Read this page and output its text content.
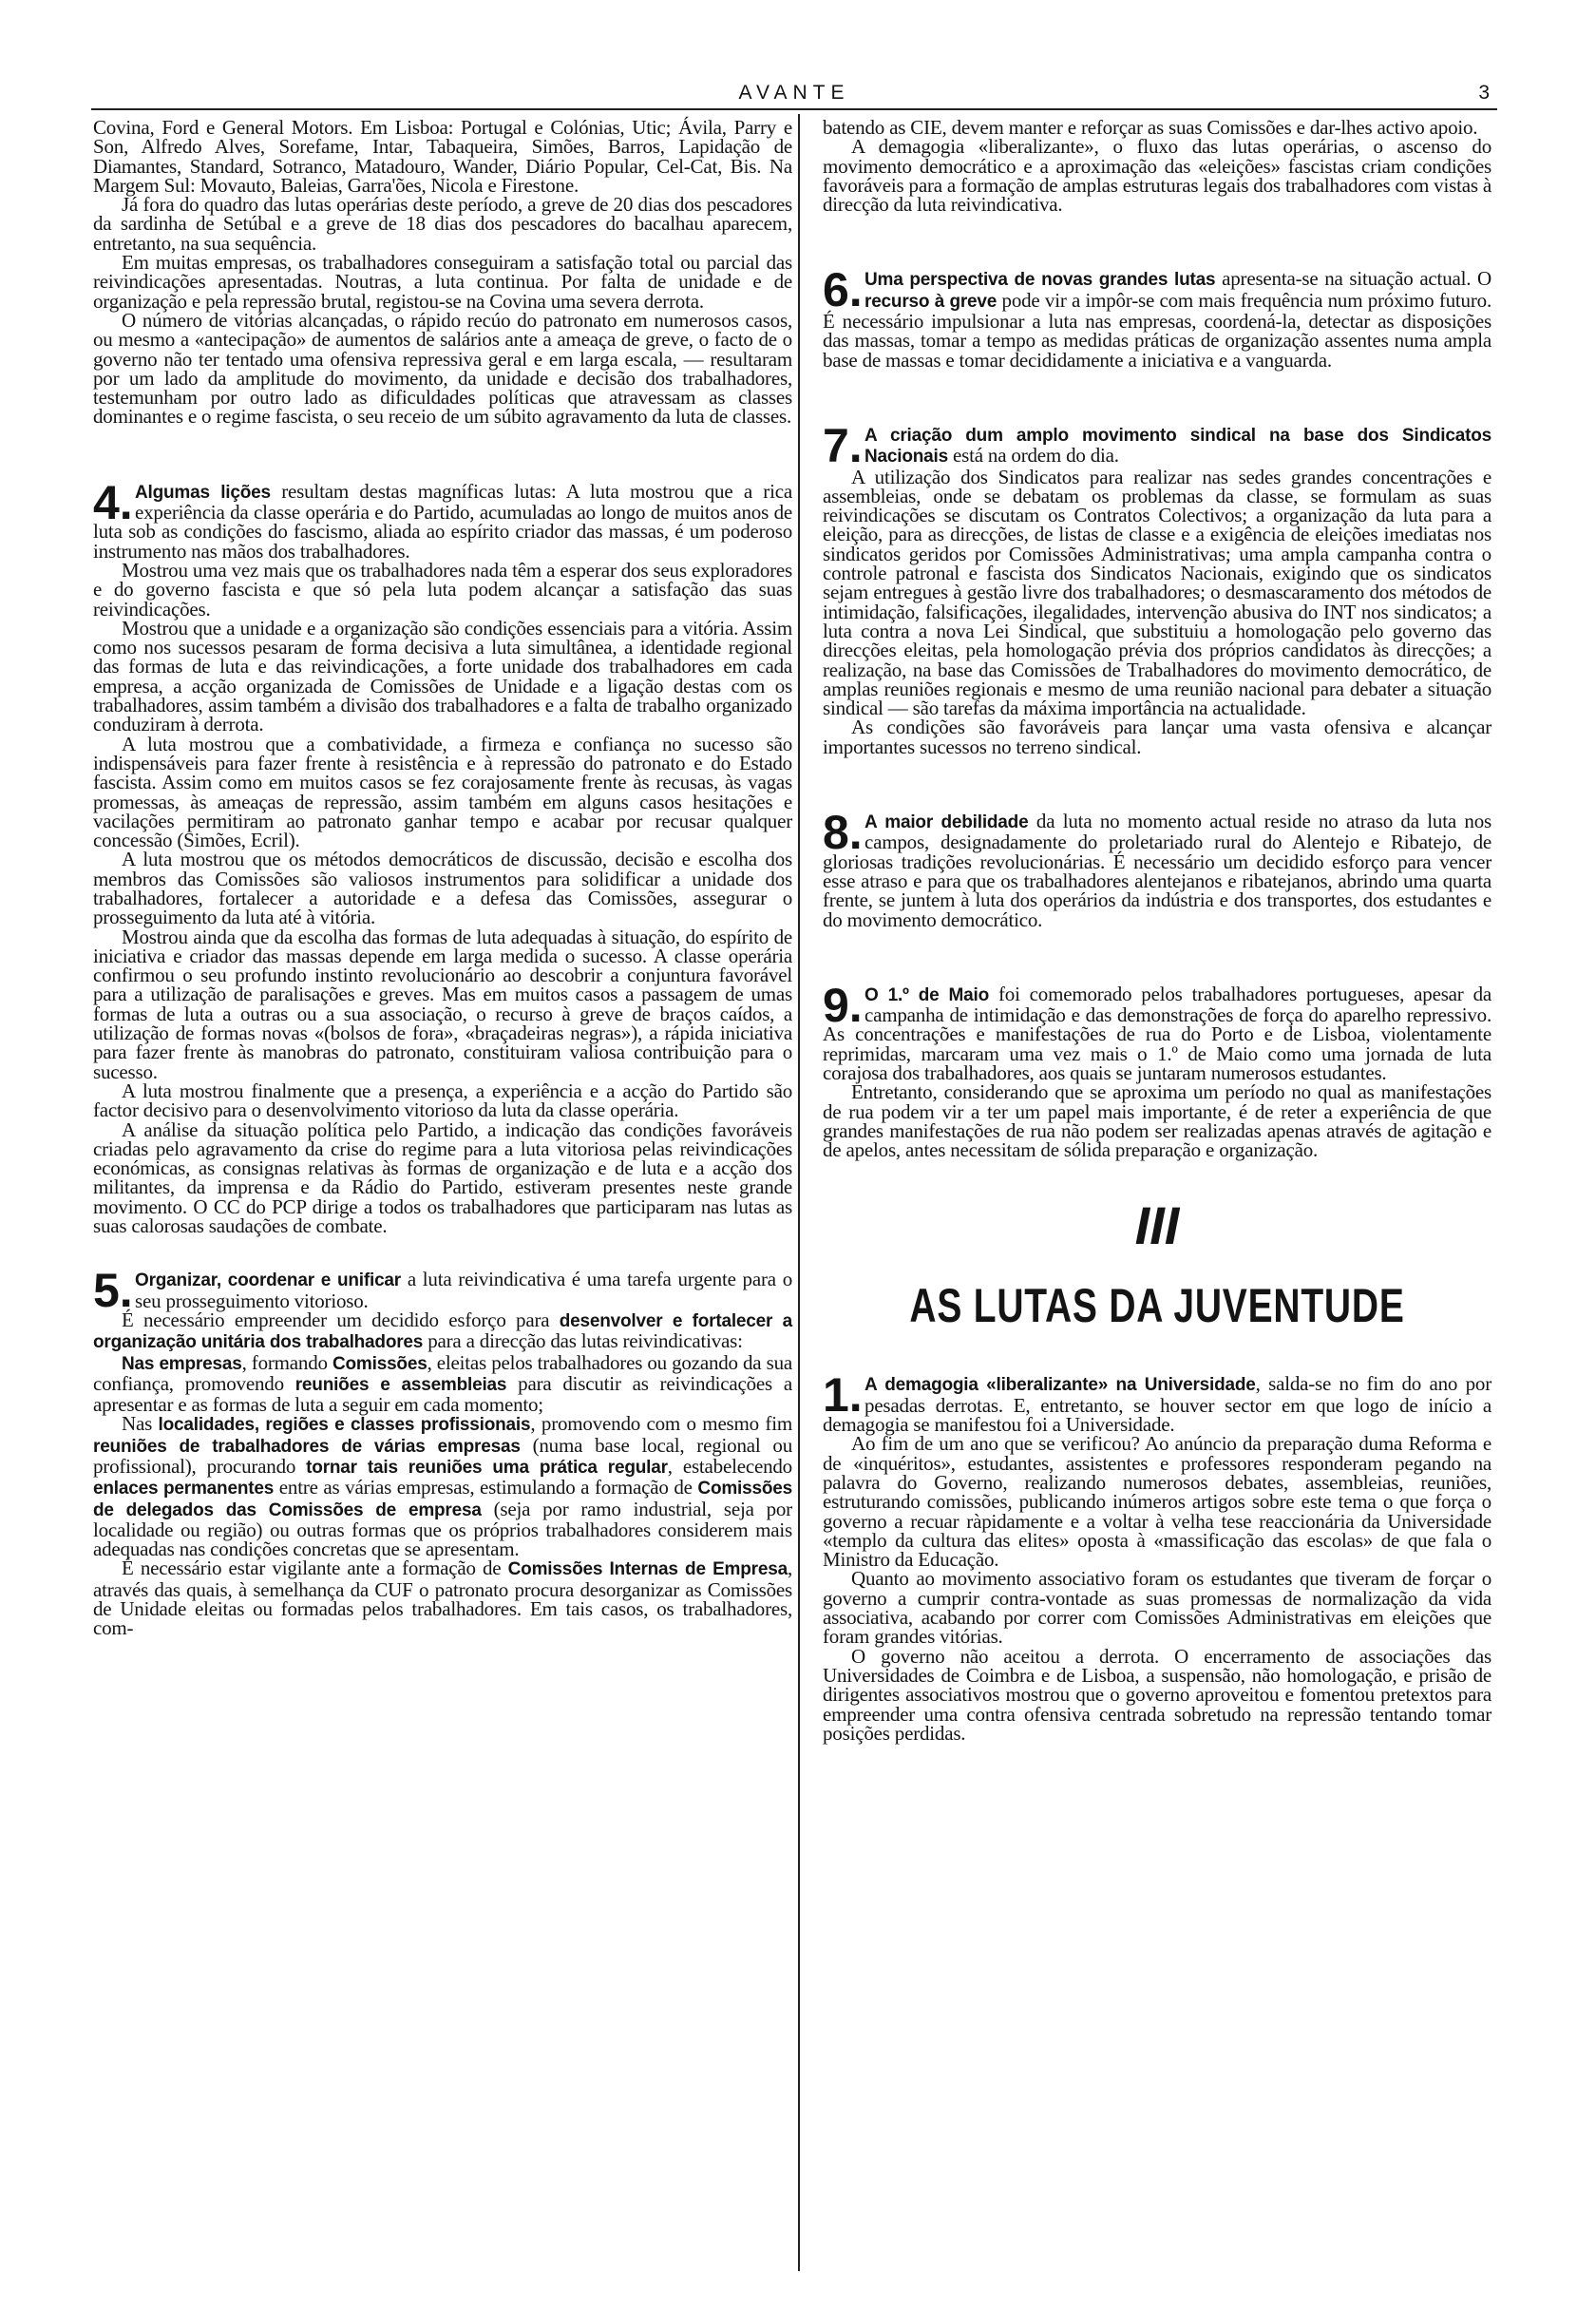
AVANTE	3

Covina, Ford e General Motors. Em Lisboa: Portugal e Colónias, Utic; Ávila, Parry e Son, Alfredo Alves, Sorefame, Intar, Tabaqueira, Simões, Barros, Lapidação de Diamantes, Standard, Sotranco, Matadouro, Wander, Diário Popular, Cel-Cat, Bis. Na Margem Sul: Movauto, Baleias, Garra'ões, Nicola e Firestone.

Já fora do quadro das lutas operárias deste período, a greve de 20 dias dos pescadores da sardinha de Setúbal e a greve de 18 dias dos pescadores do bacalhau aparecem, entretanto, na sua sequência.

Em muitas empresas, os trabalhadores conseguiram a satisfação total ou parcial das reivindicações apresentadas. Noutras, a luta continua. Por falta de unidade e de organização e pela repressão brutal, registou-se na Covina uma severa derrota.

O número de vitórias alcançadas, o rápido recúo do patronato em numerosos casos, ou mesmo a «antecipação» de aumentos de salários ante a ameaça de greve, o facto de o governo não ter tentado uma ofensiva repressiva geral e em larga escala, — resultaram por um lado da amplitude do movimento, da unidade e decisão dos trabalhadores, testemunham por outro lado as dificuldades políticas que atravessam as classes dominantes e o regime fascista, o seu receio de um súbito agravamento da luta de classes.

4. Algumas lições resultam destas magníficas lutas: A luta mostrou que a rica experiência da classe operária e do Partido, acumuladas ao longo de muitos anos de luta sob as condições do fascismo, aliada ao espírito criador das massas, é um poderoso instrumento nas mãos dos trabalhadores.

Mostrou uma vez mais que os trabalhadores nada têm a esperar dos seus exploradores e do governo fascista e que só pela luta podem alcançar a satisfação das suas reivindicações.

Mostrou que a unidade e a organização são condições essenciais para a vitória. Assim como nos sucessos pesaram de forma decisiva a luta simultânea, a identidade regional das formas de luta e das reivindicações, a forte unidade dos trabalhadores em cada empresa, a acção organizada de Comissões de Unidade e a ligação destas com os trabalhadores, assim também a divisão dos trabalhadores e a falta de trabalho organizado conduziram à derrota.

A luta mostrou que a combatividade, a firmeza e confiança no sucesso são indispensáveis para fazer frente à resistência e à repressão do patronato e do Estado fascista. Assim como em muitos casos se fez corajosamente frente às recusas, às vagas promessas, às ameaças de repressão, assim também em alguns casos hesitações e vacilações permitiram ao patronato ganhar tempo e acabar por recusar qualquer concessão (Simões, Ecril).

A luta mostrou que os métodos democráticos de discussão, decisão e escolha dos membros das Comissões são valiosos instrumentos para solidificar a unidade dos trabalhadores, fortalecer a autoridade e a defesa das Comissões, assegurar o prosseguimento da luta até à vitória.

Mostrou ainda que da escolha das formas de luta adequadas à situação, do espírito de iniciativa e criador das massas depende em larga medida o sucesso. A classe operária confirmou o seu profundo instinto revolucionário ao descobrir a conjuntura favorável para a utilização de paralisações e greves. Mas em muitos casos a passagem de umas formas de luta a outras ou a sua associação, o recurso à greve de braços caídos, a utilização de formas novas «(bolsos de fora», «braçadeiras negras»), a rápida iniciativa para fazer frente às manobras do patronato, constituiram valiosa contribuição para o sucesso.

A luta mostrou finalmente que a presença, a experiência e a acção do Partido são factor decisivo para o desenvolvimento vitorioso da luta da classe operária.

A análise da situação política pelo Partido, a indicação das condições favoráveis criadas pelo agravamento da crise do regime para a luta vitoriosa pelas reivindicações económicas, as consignas relativas às formas de organização e de luta e a acção dos militantes, da imprensa e da Rádio do Partido, estiveram presentes neste grande movimento. O CC do PCP dirige a todos os trabalhadores que participaram nas lutas as suas calorosas saudações de combate.

5. Organizar, coordenar e unificar a luta reivindicativa é uma tarefa urgente para o seu prosseguimento vitorioso.

É necessário empreender um decidido esforço para desenvolver e fortalecer a organização unitária dos trabalhadores para a direcção das lutas reivindicativas:

Nas empresas, formando Comissões, eleitas pelos trabalhadores ou gozando da sua confiança, promovendo reuniões e assembleias para discutir as reivindicações a apresentar e as formas de luta a seguir em cada momento;

Nas localidades, regiões e classes profissionais, promovendo com o mesmo fim reuniões de trabalhadores de várias empresas (numa base local, regional ou profissional), procurando tornar tais reuniões uma prática regular, estabelecendo enlaces permanentes entre as várias empresas, estimulando a formação de Comissões de delegados das Comissões de empresa (seja por ramo industrial, seja por localidade ou região) ou outras formas que os próprios trabalhadores considerem mais adequadas nas condições concretas que se apresentam.

É necessário estar vigilante ante a formação de Comissões Internas de Empresa, através das quais, à semelhança da CUF o patronato procura desorganizar as Comissões de Unidade eleitas ou formadas pelos trabalhadores. Em tais casos, os trabalhadores, com-

batendo as CIE, devem manter e reforçar as suas Comissões e dar-lhes activo apoio.

A demagogia «liberalizante», o fluxo das lutas operárias, o ascenso do movimento democrático e a aproximação das «eleições» fascistas criam condições favoráveis para a formação de amplas estruturas legais dos trabalhadores com vistas à direcção da luta reivindicativa.

6. Uma perspectiva de novas grandes lutas apresenta-se na situação actual. O recurso à greve pode vir a impôr-se com mais frequência num próximo futuro. É necessário impulsionar a luta nas empresas, coordená-la, detectar as disposições das massas, tomar a tempo as medidas práticas de organização assentes numa ampla base de massas e tomar decididamente a iniciativa e a vanguarda.

7. A criação dum amplo movimento sindical na base dos Sindicatos Nacionais está na ordem do dia.

A utilização dos Sindicatos para realizar nas sedes grandes concentrações e assembleias, onde se debatam os problemas da classe, se formulam as suas reivindicações se discutam os Contratos Colectivos; a organização da luta para a eleição, para as direcções, de listas de classe e a exigência de eleições imediatas nos sindicatos geridos por Comissões Administrativas; uma ampla campanha contra o controle patronal e fascista dos Sindicatos Nacionais, exigindo que os sindicatos sejam entregues à gestão livre dos trabalhadores; o desmascaramento dos métodos de intimidação, falsificações, ilegalidades, intervenção abusiva do INT nos sindicatos; a luta contra a nova Lei Sindical, que substituiu a homologação pelo governo das direcções eleitas, pela homologação prévia dos próprios candidatos às direcções; a realização, na base das Comissões de Trabalhadores do movimento democrático, de amplas reuniões regionais e mesmo de uma reunião nacional para debater a situação sindical — são tarefas da máxima importância na actualidade.

As condições são favoráveis para lançar uma vasta ofensiva e alcançar importantes sucessos no terreno sindical.

8. A maior debilidade da luta no momento actual reside no atraso da luta nos campos, designadamente do proletariado rural do Alentejo e Ribatejo, de gloriosas tradições revolucionárias. É necessário um decidido esforço para vencer esse atraso e para que os trabalhadores alentejanos e ribatejanos, abrindo uma quarta frente, se juntem à luta dos operários da indústria e dos transportes, dos estudantes e do movimento democrático.

9. O 1.º de Maio foi comemorado pelos trabalhadores portugueses, apesar da campanha de intimidação e das demonstrações de força do aparelho repressivo. As concentrações e manifestações de rua do Porto e de Lisboa, violentamente reprimidas, marcaram uma vez mais o 1.º de Maio como uma jornada de luta corajosa dos trabalhadores, aos quais se juntaram numerosos estudantes.

Entretanto, considerando que se aproxima um período no qual as manifestações de rua podem vir a ter um papel mais importante, é de reter a experiência de que grandes manifestações de rua não podem ser realizadas apenas através de agitação e de apelos, antes necessitam de sólida preparação e organização.

III
AS LUTAS DA JUVENTUDE
1. A demagogia «liberalizante» na Universidade, salda-se no fim do ano por pesadas derrotas. E, entretanto, se houver sector em que logo de início a demagogia se manifestou foi a Universidade.

Ao fim de um ano que se verificou? Ao anúncio da preparação duma Reforma e de «inquéritos», estudantes, assistentes e professores responderam pegando na palavra do Governo, realizando numerosos debates, assembleias, reuniões, estruturando comissões, publicando inúmeros artigos sobre este tema o que força o governo a recuar ràpidamente e a voltar à velha tese reaccionária da Universidade «templo da cultura das elites» oposta à «massificação das escolas» de que fala o Ministro da Educação.

Quanto ao movimento associativo foram os estudantes que tiveram de forçar o governo a cumprir contra-vontade as suas promessas de normalização da vida associativa, acabando por correr com Comissões Administrativas em eleições que foram grandes vitórias.

O governo não aceitou a derrota. O encerramento de associações das Universidades de Coimbra e de Lisboa, a suspensão, não homologação, e prisão de dirigentes associativos mostrou que o governo aproveitou e fomentou pretextos para empreender uma contra ofensiva centrada sobretudo na repressão tentando tomar posições perdidas.
